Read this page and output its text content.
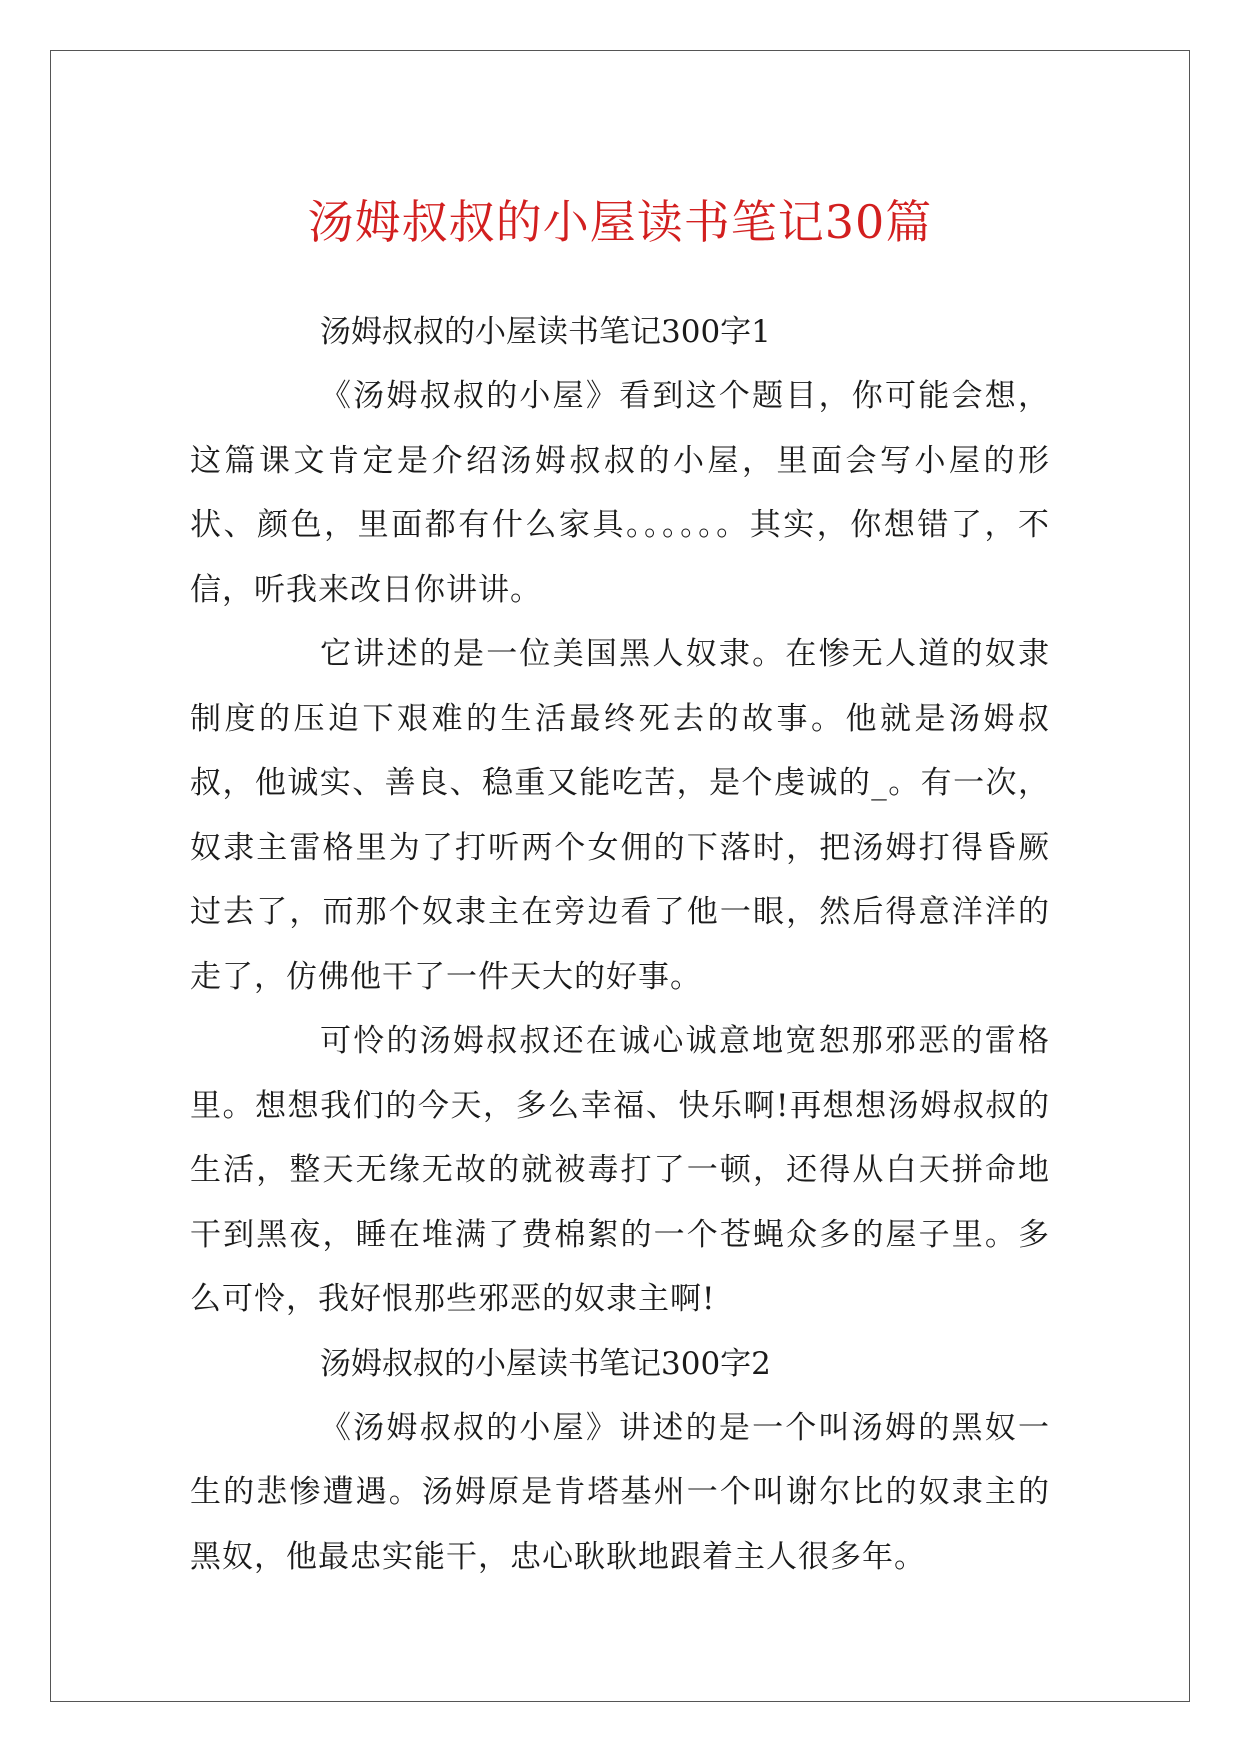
汤姆叔叔的小屋读书笔记30篇
汤姆叔叔的小屋读书笔记300字1

《汤姆叔叔的小屋》看到这个题目，你可能会想，这篇课文肯定是介绍汤姆叔叔的小屋，里面会写小屋的形状、颜色，里面都有什么家具。。。。。。其实，你想错了，不信，听我来改日你讲讲。

它讲述的是一位美国黑人奴隶。在惨无人道的奴隶制度的压迫下艰难的生活最终死去的故事。他就是汤姆叔叔，他诚实、善良、稳重又能吃苦，是个虔诚的_。有一次，奴隶主雷格里为了打听两个女佣的下落时，把汤姆打得昏厥过去了，而那个奴隶主在旁边看了他一眼，然后得意洋洋的走了，仿佛他干了一件天大的好事。

可怜的汤姆叔叔还在诚心诚意地宽恕那邪恶的雷格里。想想我们的今天，多么幸福、快乐啊!再想想汤姆叔叔的生活，整天无缘无故的就被毒打了一顿，还得从白天拼命地干到黑夜，睡在堆满了费棉絮的一个苍蝇众多的屋子里。多么可怜，我好恨那些邪恶的奴隶主啊!

汤姆叔叔的小屋读书笔记300字2

《汤姆叔叔的小屋》讲述的是一个叫汤姆的黑奴一生的悲惨遭遇。汤姆原是肯塔基州一个叫谢尔比的奴隶主的黑奴，他最忠实能干，忠心耿耿地跟着主人很多年。
